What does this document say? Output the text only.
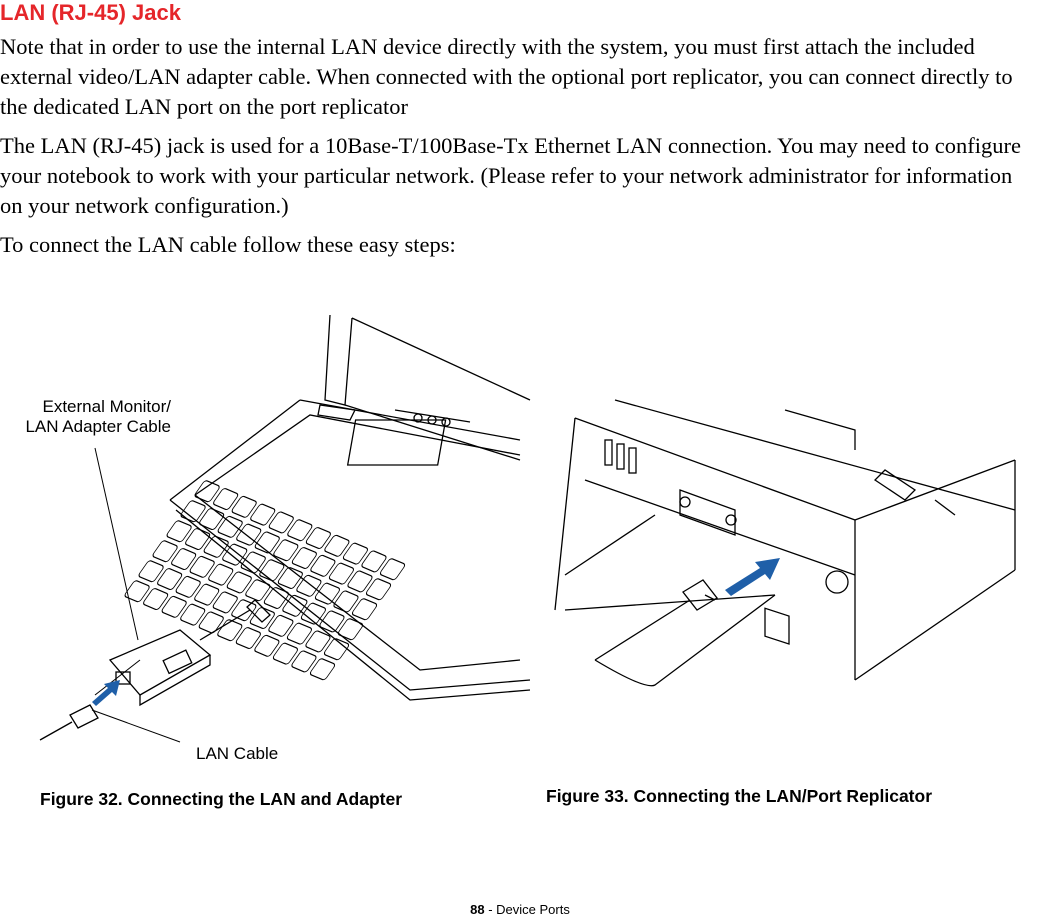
LAN (RJ-45) Jack

Note that in order to use the internal LAN device directly with the system, you must first attach the included external video/LAN adapter cable. When connected with the optional port replicator, you can connect directly to the dedicated LAN port on the port replicator

The LAN (RJ-45) jack is used for a 10Base-T/100Base-Tx Ethernet LAN connection. You may need to configure your notebook to work with your particular network. (Please refer to your network administrator for information on your network configuration.)

To connect the LAN cable follow these easy steps:

External Monitor/
LAN Adapter Cable
LAN Cable
Figure 32. Connecting the LAN and Adapter	Figure 33. Connecting the LAN/Port Replicator
88 - Device Ports
